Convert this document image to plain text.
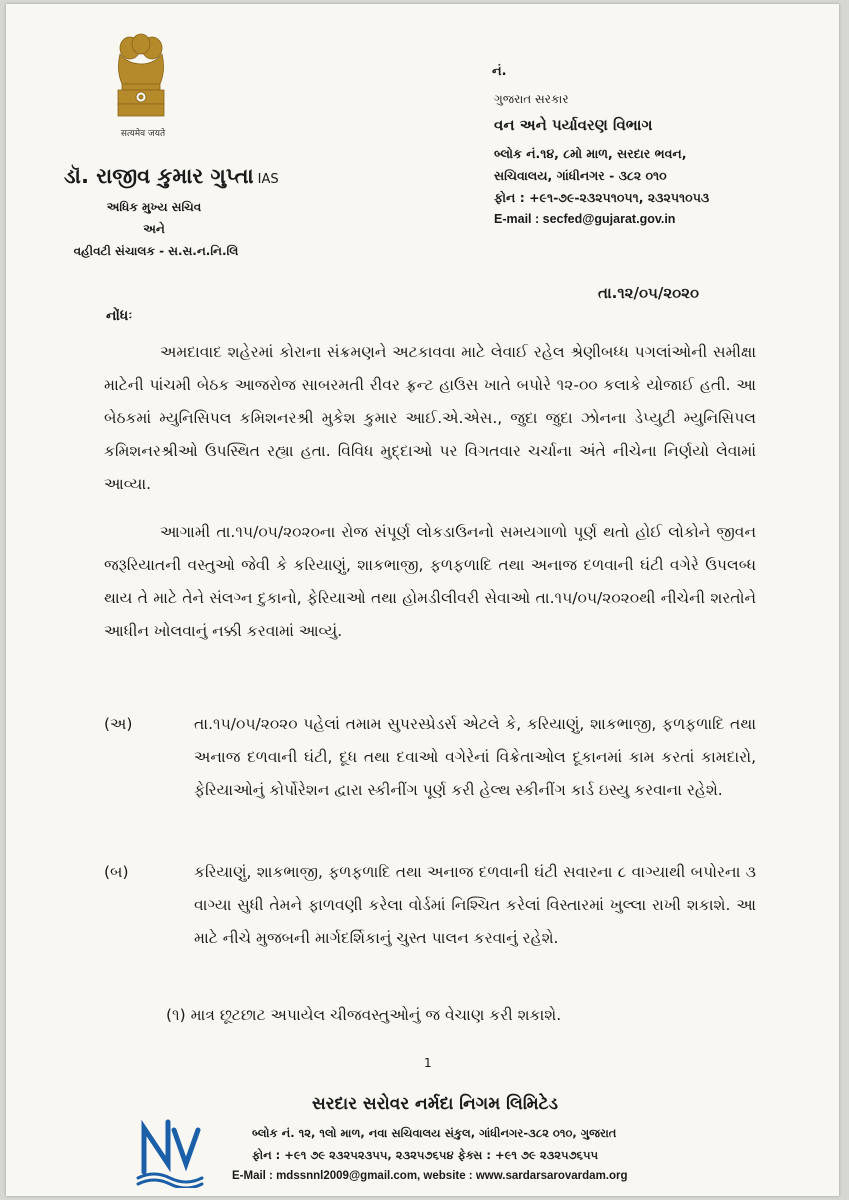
सत्यमेव जयते
ડૉ. રાજીવ કુમાર ગુપ્તા IAS
અધિક મુખ્ય સચિવ
અને
વહીવટી સંચાલક - સ.સ.ન.નિ.લિ
નં.
ગુજરાત સરકાર
વન અને પર્યાવરણ વિભાગ
બ્લોક નં.૧૪, ૮મો માળ, સરદાર ભવન,
સચિવાલય, ગાંધીનગર - ૩૮૨ ૦૧૦
ફોન : +૯૧-૭૯-૨૩૨૫૧૦૫૧, ૨૩૨૫૧૦૫૩
E-mail : secfed@gujarat.gov.in
તા.૧૨/૦૫/૨૦૨૦
નોંધઃ
અમદાવાદ શહેરમાં કોરાના સંક્રમણને અટકાવવા માટે લેવાઈ રહેલ શ્રેણીબધ્ધ પગલાંઓની સમીક્ષા માટેની પાંચમી બેઠક આજરોજ સાબરમતી રીવર ફ્રન્ટ હાઉસ ખાતે બપોરે ૧૨-૦૦ કલાકે યોજાઈ હતી. આ બેઠકમાં મ્યુનિસિપલ કમિશનરશ્રી મુકેશ કુમાર આઈ.એ.એસ., જુદા જુદા ઝોનના ડેપ્યુટી મ્યુનિસિપલ કમિશનરશ્રીઓ ઉપસ્થિત રહ્યા હતા. વિવિધ મુદ્દાઓ પર વિગતવાર ચર્ચાના અંતે નીચેના નિર્ણયો લેવામાં આવ્યા.
આગામી તા.૧૫/૦૫/૨૦૨૦ના રોજ સંપૂર્ણ લોકડાઉનનો સમયગાળો પૂર્ણ થતો હોઈ લોકોને જીવન જરૂરિયાતની વસ્તુઓ જેવી કે કરિયાણું, શાકભાજી, ફળફળાદિ તથા અનાજ દળવાની ઘંટી વગેરે ઉપલબ્ધ થાય તે માટે તેને સંલગ્ન દુકાનો, ફેરિયાઓ તથા હોમડીલીવરી સેવાઓ તા.૧૫/૦૫/૨૦૨૦થી નીચેની શરતોને આધીન ખોલવાનું નક્કી કરવામાં આવ્યું.
(અ)	તા.૧૫/૦૫/૨૦૨૦ પહેલાં તમામ સુપરસ્પ્રેડર્સ એટલે કે, કરિયાણું, શાકભાજી, ફળફળાદિ તથા અનાજ દળવાની ઘંટી, દૂધ તથા દવાઓ વગેરેનાં વિક્રેતાઓલ દૂકાનમાં કામ કરતાં કામદારો, ફેરિયાઓનું કોર્પોરેશન દ્વારા સ્કીનીંગ પૂર્ણ કરી હેલ્થ સ્કીનીંગ કાર્ડ ઇસ્યુ કરવાના રહેશે.
(બ)	કરિયાણું, શાકભાજી, ફળફળાદિ તથા અનાજ દળવાની ઘંટી સવારના ૮ વાગ્યાથી બપોરના ૩ વાગ્યા સુધી તેમને ફાળવણી કરેલા વોર્ડમાં નિશ્ચિત કરેલાં વિસ્તારમાં ખુલ્લા રાખી શકાશે. આ માટે નીચે મુજબની માર્ગદર્શિકાનું ચુસ્ત પાલન કરવાનું રહેશે.
(૧) માત્ર છૂટછાટ અપાયેલ ચીજવસ્તુઓનું જ વેચાણ કરી શકાશે.
1
સરદાર સરોવર નર્મદા નિગમ લિમિટેડ
બ્લોક નં. ૧૨, ૧લો માળ, નવા સચિવાલય સંકુલ, ગાંધીનગર-૩૮૨ ૦૧૦, ગુજરાત
ફોન : +૯૧ ૭૯ ૨૩૨૫૨૩૫૫, ૨૩૨૫૭૬૫૪ ફેક્સ : +૯૧ ૭૯ ૨૩૨૫૭૬૫૫
E-Mail : mdssnnl2009@gmail.com, website : www.sardarsarovardam.org
